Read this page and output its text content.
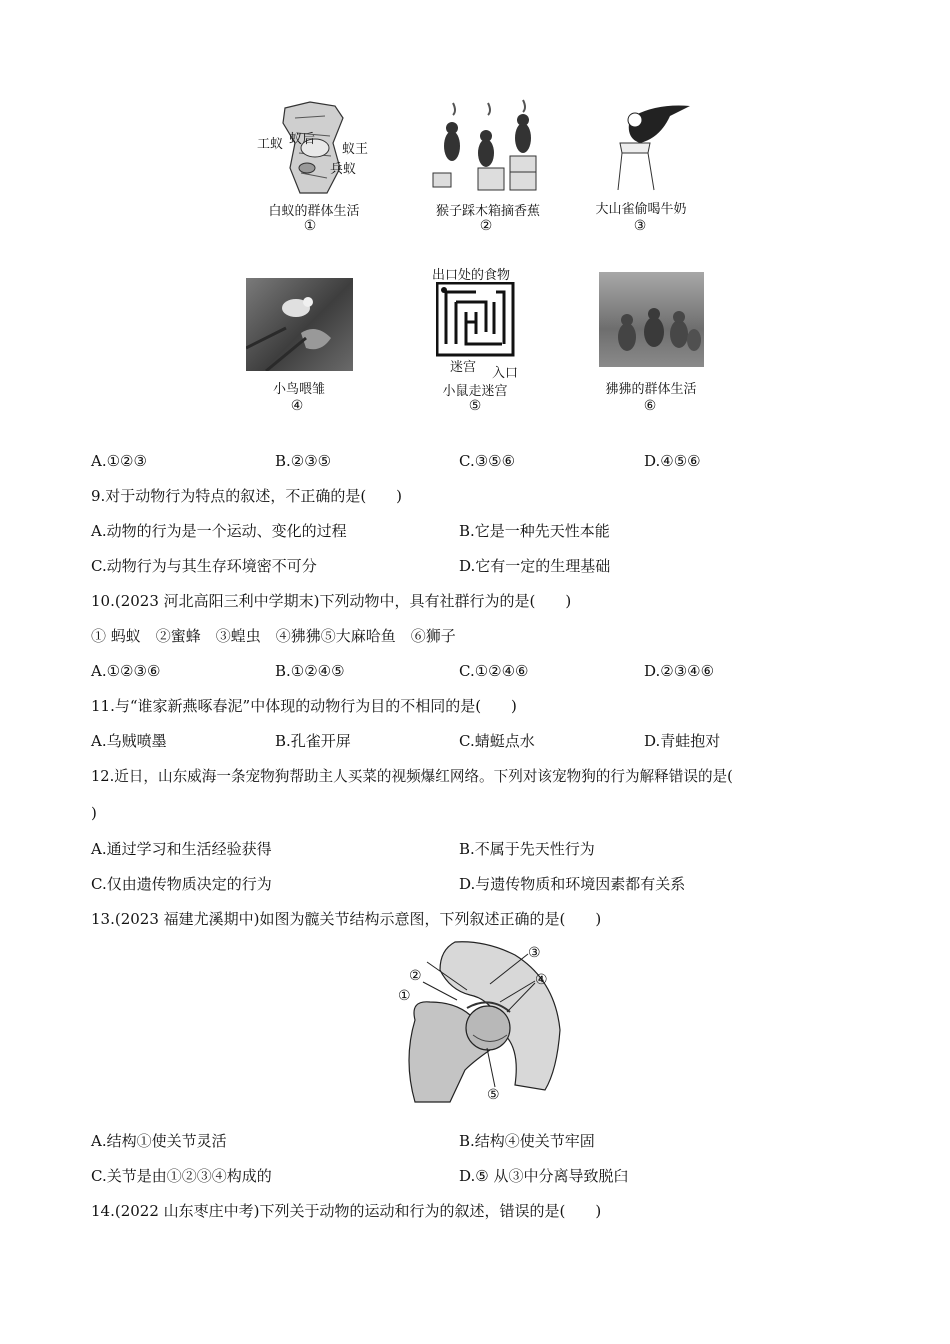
工蚁 蚁后
蚁王
兵蚁
白蚁的群体生活
①
猴子踩木箱摘香蕉
②
大山雀偷喝牛奶
③
小鸟喂雏
④
出口处的食物
迷宫 入口
小鼠走迷宫
⑤
狒狒的群体生活
⑥
A.①②③	B.②③⑤	C.③⑤⑥	D.④⑤⑥
9.对于动物行为特点的叙述，不正确的是(　　)
A.动物的行为是一个运动、变化的过程	B.它是一种先天性本能
C.动物行为与其生存环境密不可分	D.它有一定的生理基础
10.(2023 河北高阳三利中学期末)下列动物中，具有社群行为的是(　　)
① 蚂蚁　②蜜蜂　③蝗虫　④狒狒⑤大麻哈鱼　⑥狮子
A.①②③⑥	B.①②④⑤	C.①②④⑥	D.②③④⑥
11.与“谁家新燕啄春泥”中体现的动物行为目的不相同的是(　　)
A.乌贼喷墨	B.孔雀开屏	C.蜻蜓点水	D.青蛙抱对
12.近日，山东威海一条宠物狗帮助主人买菜的视频爆红网络。下列对该宠物狗的行为解释错误的是(
)
A.通过学习和生活经验获得	B.不属于先天性行为
C.仅由遗传物质决定的行为	D.与遗传物质和环境因素都有关系
13.(2023 福建尤溪期中)如图为髋关节结构示意图，下列叙述正确的是(　　)
①
②
③
④
⑤
A.结构①使关节灵活	B.结构④使关节牢固
C.关节是由①②③④构成的	D.⑤ 从③中分离导致脱臼
14.(2022 山东枣庄中考)下列关于动物的运动和行为的叙述，错误的是(　　)
